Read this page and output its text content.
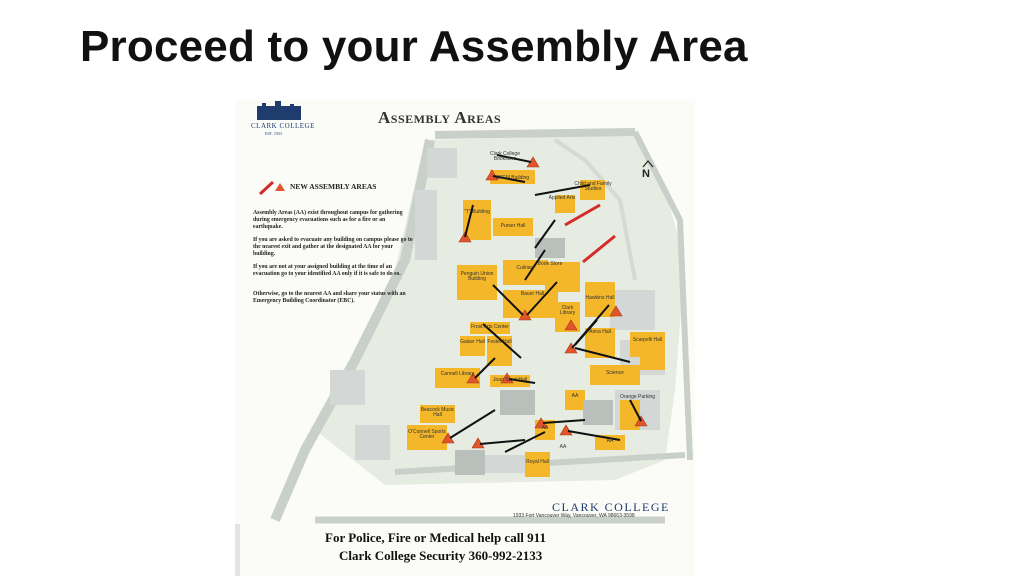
Proceed to your Assembly Area
CLARK COLLEGE
EST. 1933
Assembly Areas
NEW ASSEMBLY AREAS
Assembly Areas (AA) exist throughout campus for gathering during emergency evacuations such as for a fire or an earthquake.
If you are asked to evacuate any building on campus please go to the nearest exit and gather at the designated AA for your building.
If you are not at your assigned building at the time of an evacuation go to your identified AA only if it is safe to do so.
Otherwise, go to the nearest AA and share your status with an Emergency Building Coordinator (EBC).
N
Clark College Bookstore
STEM Building
Child and Family Studies
Applied Arts
"T" Building
Purser Hall
Culinary
Book Store
Penguin Union Building
Bauer Hall
Hawkins Hall
Clark Library
Frost Arts Center
Anna Hall
Foster Hall
Gaiser Hall	Scarpelli Hall
Science
Cannell Library
Joan Stout Hall
Beacock Music Hall
O'Connell Sports Center
Royal Hall
AA
AA
AA
AA
Orange Parking
CLARK COLLEGE
1933 Fort Vancouver Way, Vancouver, WA 98663-3598
For Police, Fire or Medical help call 911
Clark College Security 360-992-2133
